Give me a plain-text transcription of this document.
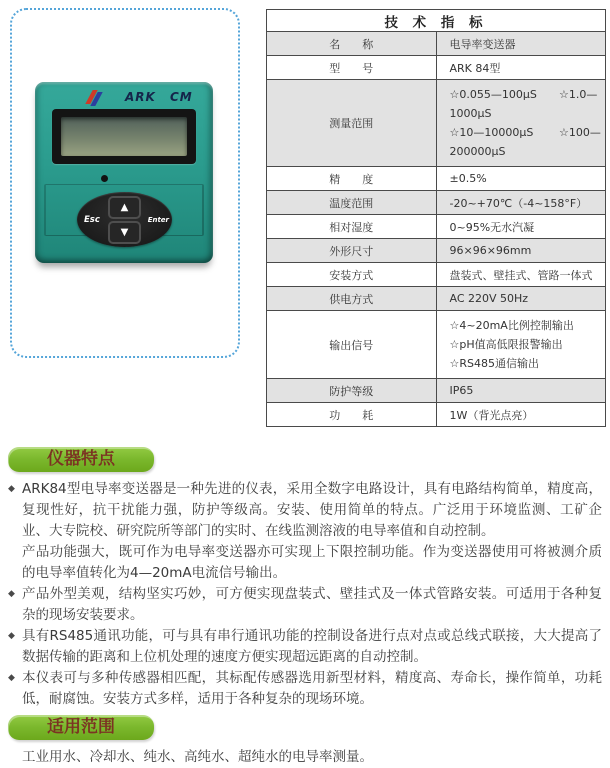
ARK CM
Esc
▲
▼
Enter
技 术 指 标	
名　　称	电导率变送器
型　　号	ARK 84型
测量范围	☆0.055—100μS ☆1.0—1000μS
☆10—10000μS ☆100—200000μS

精　　度	±0.5%
温度范围	-20~+70℃（-4~158°F）
相对湿度	0~95%无水汽凝
外形尺寸	96×96×96mm
安装方式	盘装式、壁挂式、管路一体式
供电方式	AC 220V 50Hz
输出信号	☆4~20mA比例控制输出　☆pH值高低限报警输出
☆RS485通信输出

防护等级	IP65
功　　耗	1W（背光点亮）
仪器特点
◆ ARK84型电导率变送器是一种先进的仪表，采用全数字电路设计，具有电路结构简单，精度高，复现性好，抗干扰能力强，防护等级高。安装、使用简单的特点。广泛用于环境监测、工矿企业、大专院校、研究院所等部门的实时、在线监测溶液的电导率值和自动控制。

产品功能强大，既可作为电导率变送器亦可实现上下限控制功能。作为变送器使用可将被测介质的电导率值转化为4—20mA电流信号输出。

◆ 产品外型美观，结构坚实巧妙，可方便实现盘装式、壁挂式及一体式管路安装。可适用于各种复杂的现场安装要求。

◆ 具有RS485通讯功能，可与具有串行通讯功能的控制设备进行点对点或总线式联接，大大提高了数据传输的距离和上位机处理的速度方便实现超远距离的自动控制。

◆ 本仪表可与多种传感器相匹配，其标配传感器选用新型材料，精度高、寿命长，操作简单，功耗低，耐腐蚀。安装方式多样，适用于各种复杂的现场环境。

适用范围

工业用水、冷却水、纯水、高纯水、超纯水的电导率测量。
